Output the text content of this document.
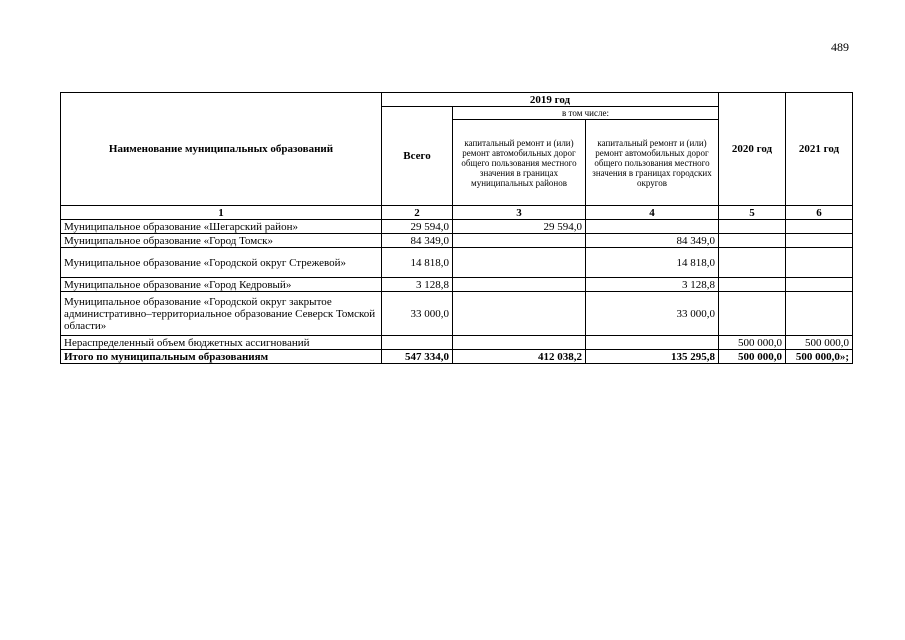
489
Наименование муниципальных образований	2019 год			2020 год	2021 год
	Всего	в том числе:			
		капитальный ремонт и (или) ремонт автомобильных дорог общего пользования местного значения в границах муниципальных районов	капитальный ремонт и (или) ремонт автомобильных дорог общего пользования местного значения в границах городских округов		
1	2	3	4	5	6
Муниципальное образование «Шегарский район»	29 594,0	29 594,0			
Муниципальное образование «Город Томск»	84 349,0		84 349,0		
Муниципальное образование «Городской округ Стрежевой»	14 818,0		14 818,0		
Муниципальное образование «Город Кедровый»	3 128,8		3 128,8		
Муниципальное образование «Городской округ закрытое административно–территориальное образование Северск Томской области»	33 000,0		33 000,0		
Нераспределенный объем бюджетных ассигнований				500 000,0	500 000,0
Итого по муниципальным образованиям	547 334,0	412 038,2	135 295,8	500 000,0	500 000,0»;
